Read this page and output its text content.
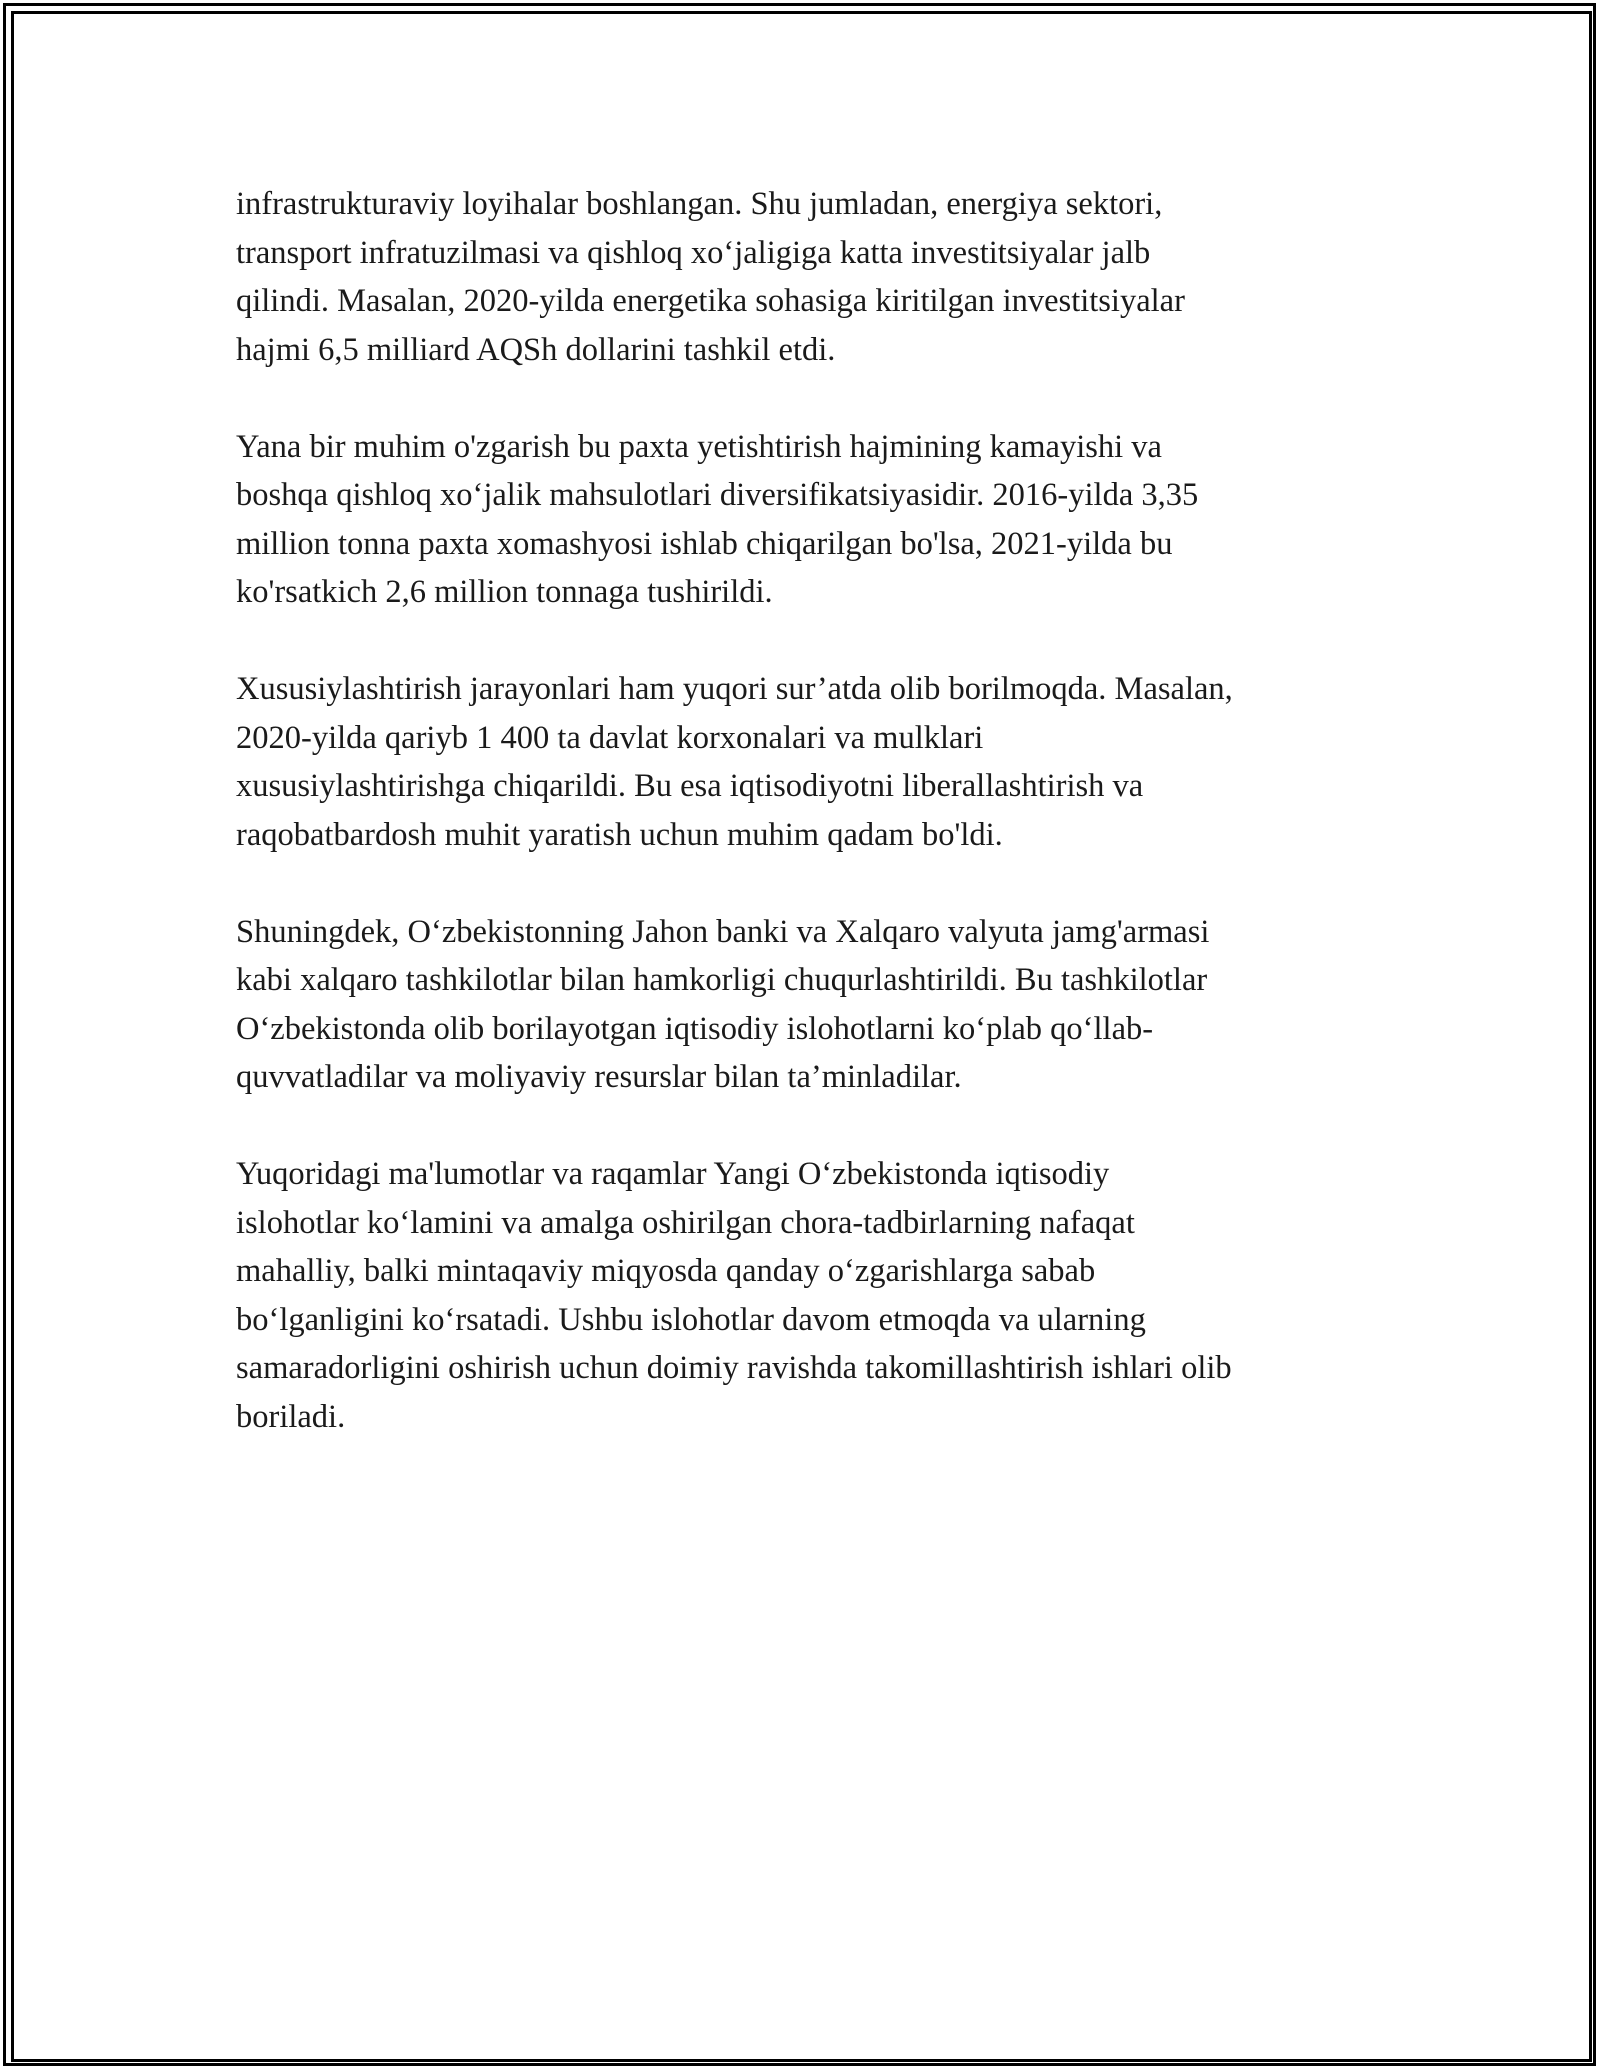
infrastrukturaviy loyihalar boshlangan. Shu jumladan, energiya sektori,
transport infratuzilmasi va qishloq xo‘jaligiga katta investitsiyalar jalb
qilindi. Masalan, 2020-yilda energetika sohasiga kiritilgan investitsiyalar
hajmi 6,5 milliard AQSh dollarini tashkil etdi.

Yana bir muhim o'zgarish bu paxta yetishtirish hajmining kamayishi va
boshqa qishloq xo‘jalik mahsulotlari diversifikatsiyasidir. 2016-yilda 3,35
million tonna paxta xomashyosi ishlab chiqarilgan bo'lsa, 2021-yilda bu
ko'rsatkich 2,6 million tonnaga tushirildi.

Xususiylashtirish jarayonlari ham yuqori sur’atda olib borilmoqda. Masalan,
2020-yilda qariyb 1 400 ta davlat korxonalari va mulklari
xususiylashtirishga chiqarildi. Bu esa iqtisodiyotni liberallashtirish va
raqobatbardosh muhit yaratish uchun muhim qadam bo'ldi.

Shuningdek, O‘zbekistonning Jahon banki va Xalqaro valyuta jamg'armasi
kabi xalqaro tashkilotlar bilan hamkorligi chuqurlashtirildi. Bu tashkilotlar
O‘zbekistonda olib borilayotgan iqtisodiy islohotlarni ko‘plab qo‘llab-
quvvatladilar va moliyaviy resurslar bilan ta’minladilar.

Yuqoridagi ma'lumotlar va raqamlar Yangi O‘zbekistonda iqtisodiy
islohotlar ko‘lamini va amalga oshirilgan chora-tadbirlarning nafaqat
mahalliy, balki mintaqaviy miqyosda qanday o‘zgarishlarga sabab
bo‘lganligini ko‘rsatadi. Ushbu islohotlar davom etmoqda va ularning
samaradorligini oshirish uchun doimiy ravishda takomillashtirish ishlari olib
boriladi.
